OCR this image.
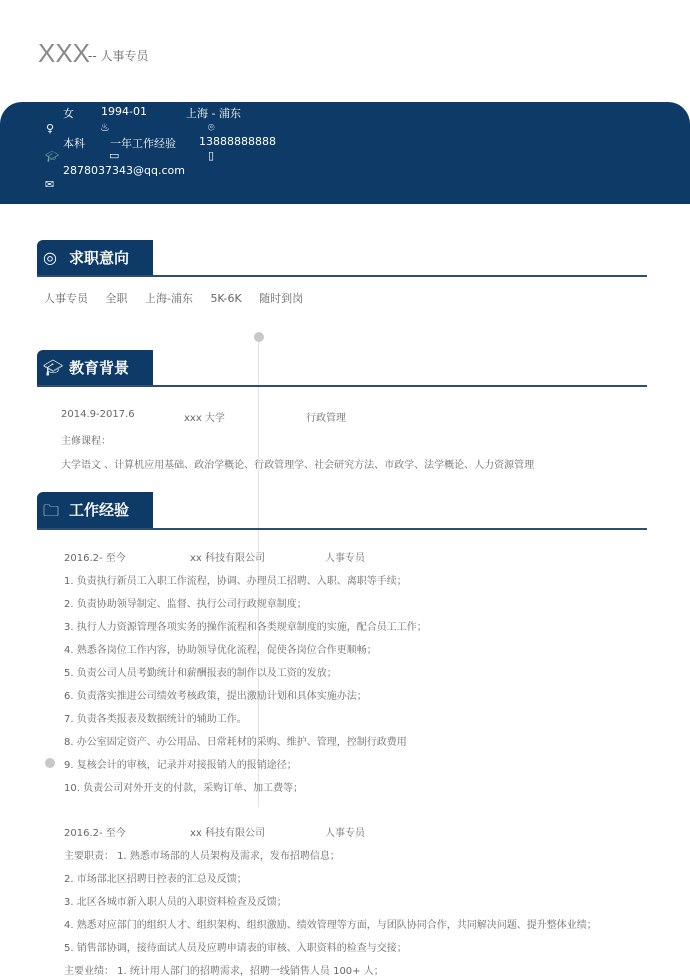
XXX
-- 人事专员
女 1994-01	上海 - 浦东
♀	♨	⌾
本科 一年工作经验 13888888888
🎓︎	▭	▯
2878037343@qq.com
✉
◎ 求职意向
人事专员 全职 上海-浦东 5K-6K 随时到岗
🎓︎ 教育背景
2014.9-2017.6	xxx 大学	行政管理
主修课程：
大学语文 、计算机应用基础、政治学概论、行政管理学、社会研究方法、市政学、法学概论、人力资源管理
🗀 工作经验
2016.2- 至今	xx 科技有限公司	人事专员
1. 负责执行新员工入职工作流程，协调、办理员工招聘、入职、离职等手续；
2. 负责协助领导制定、监督、执行公司行政规章制度；
3. 执行人力资源管理各项实务的操作流程和各类规章制度的实施，配合员工工作；
4. 熟悉各岗位工作内容，协助领导优化流程，促使各岗位合作更顺畅；
5. 负责公司人员考勤统计和薪酬报表的制作以及工资的发放；
6. 负责落实推进公司绩效考核政策，提出激励计划和具体实施办法；
7. 负责各类报表及数据统计的辅助工作。
8. 办公室固定资产、办公用品、日常耗材的采购、维护、管理，控制行政费用
9. 复核会计的审核，记录并对接报销人的报销途径；
10. 负责公司对外开支的付款，采购订单、加工费等；
2016.2- 至今	xx 科技有限公司	人事专员
主要职责： 1. 熟悉市场部的人员架构及需求，发布招聘信息；
2. 市场部北区招聘日控表的汇总及反馈；
3. 北区各城市新入职人员的入职资料检查及反馈；
4. 熟悉对应部门的组织人才、组织架构、组织激励、绩效管理等方面，与团队协同合作，共同解决问题、提升整体业绩；
5. 销售部协调，接待面试人员及应聘申请表的审核、入职资料的检查与交接；
主要业绩： 1. 统计用人部门的招聘需求，招聘一线销售人员 100+ 人；
